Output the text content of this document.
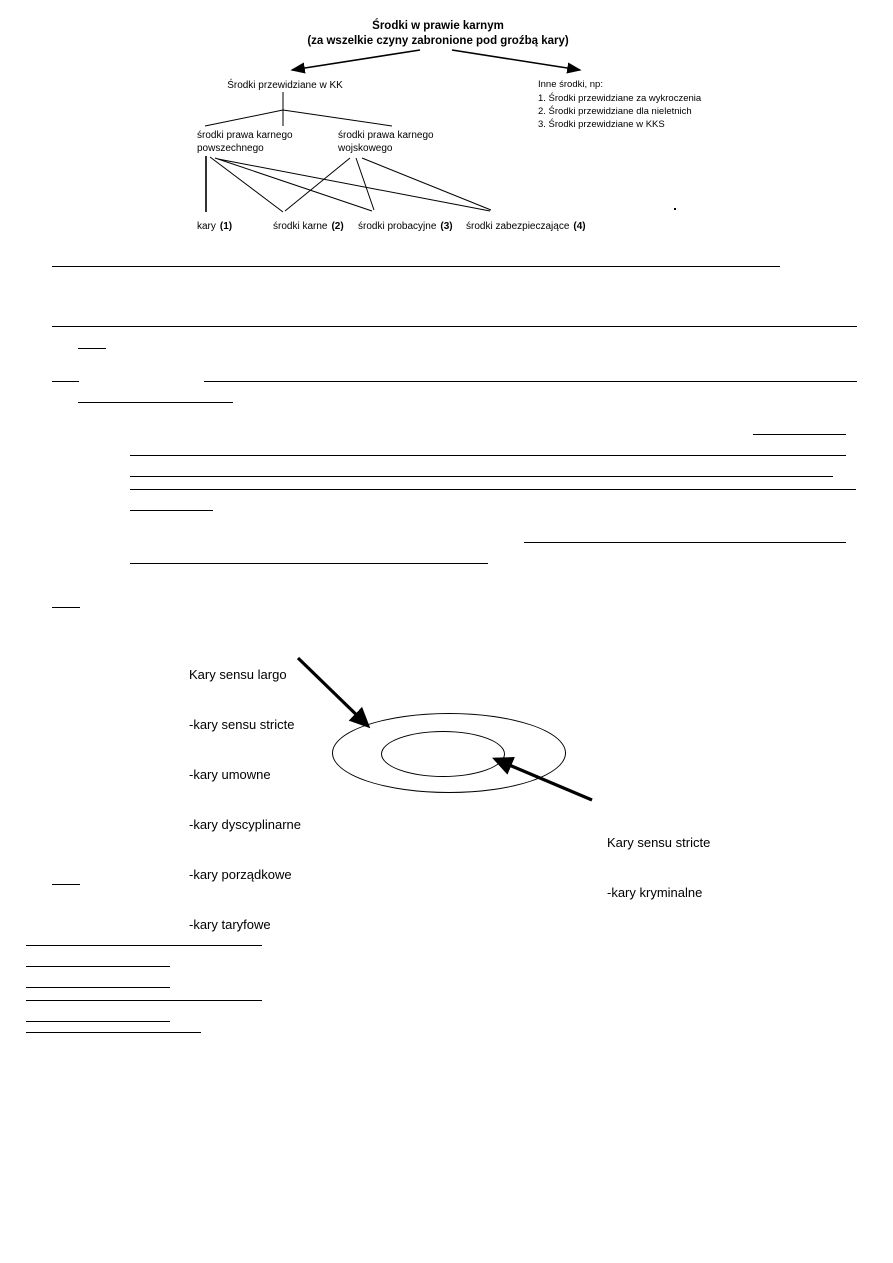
Środki w prawie karnym
(za wszelkie czyny zabronione pod groźbą kary)
Środki przewidziane w KK	Inne środki, np:
1. Środki przewidziane za wykroczenia
2. Środki przewidziane dla nieletnich
3. Środki przewidziane w KKS
środki prawa karnego
powszechnego
środki prawa karnego
wojskowego
kary (1)	środki karne (2) środki probacyjne (3) środki zabezpieczające (4)

Kary sensu largo

-kary sensu stricte

-kary umowne

-kary dyscyplinarne

-kary porządkowe

-kary taryfowe

Kary sensu stricte

-kary kryminalne
